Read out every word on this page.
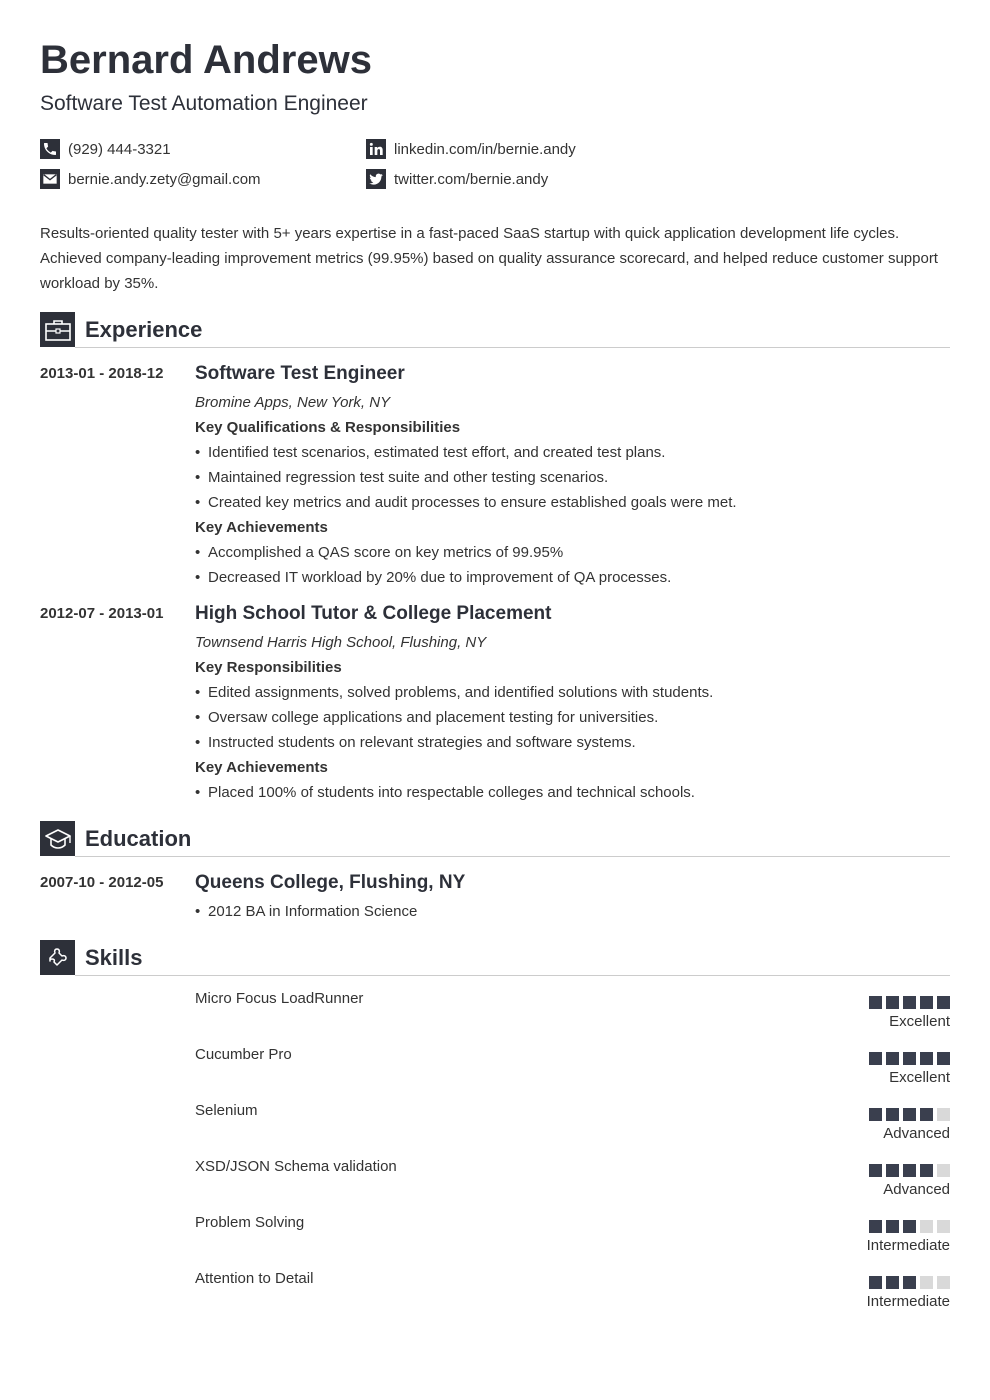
Bernard Andrews
Software Test Automation Engineer
(929) 444-3321
bernie.andy.zety@gmail.com
linkedin.com/in/bernie.andy
twitter.com/bernie.andy

Results-oriented quality tester with 5+ years expertise in a fast-paced SaaS startup with quick application development life cycles. Achieved company-leading improvement metrics (99.95%) based on quality assurance scorecard, and helped reduce customer support workload by 35%.

Experience
2013-01 - 2018-12 Software Test Engineer
Bromine Apps, New York, NY
Key Qualifications & Responsibilities
• Identified test scenarios, estimated test effort, and created test plans.
• Maintained regression test suite and other testing scenarios.
• Created key metrics and audit processes to ensure established goals were met.
Key Achievements
• Accomplished a QAS score on key metrics of 99.95%
• Decreased IT workload by 20% due to improvement of QA processes.
2012-07 - 2013-01 High School Tutor & College Placement
Townsend Harris High School, Flushing, NY
Key Responsibilities
• Edited assignments, solved problems, and identified solutions with students.
• Oversaw college applications and placement testing for universities.
• Instructed students on relevant strategies and software systems.
Key Achievements
• Placed 100% of students into respectable colleges and technical schools.
Education
2007-10 - 2012-05 Queens College, Flushing, NY
• 2012 BA in Information Science
Skills
Micro Focus LoadRunner
Excellent
Cucumber Pro
Excellent
Selenium
Advanced
XSD/JSON Schema validation
Advanced
Problem Solving
Intermediate
Attention to Detail
Intermediate
